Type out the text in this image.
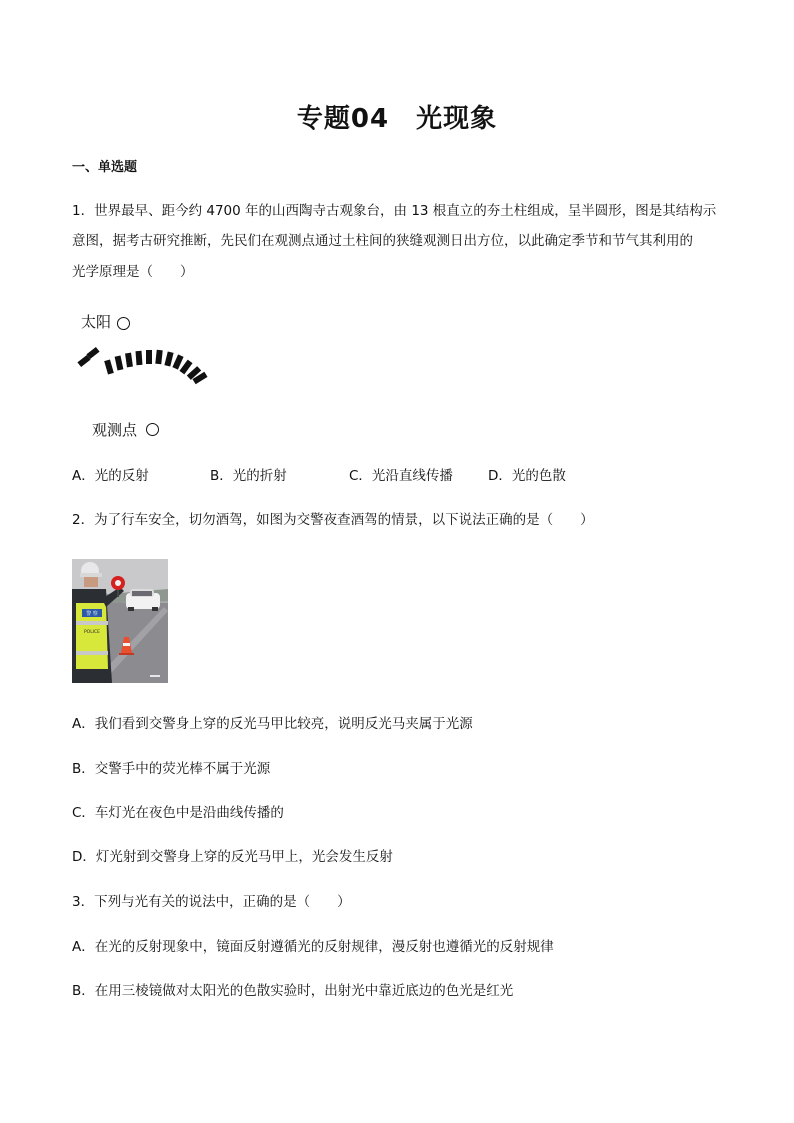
专题04　光现象
一、单选题
1．世界最早、距今约 4700 年的山西陶寺古观象台，由 13 根直立的夯土柱组成，呈半圆形，图是其结构示
意图，据考古研究推断，先民们在观测点通过土柱间的狭缝观测日出方位，以此确定季节和节气其利用的
光学原理是（　　）
太阳
观测点
A．光的反射	B．光的折射	C．光沿直线传播	D．光的色散
2．为了行车安全，切勿酒驾，如图为交警夜查酒驾的情景，以下说法正确的是（　　）
警 察
POLICE
A．我们看到交警身上穿的反光马甲比较亮，说明反光马夹属于光源
B．交警手中的荧光棒不属于光源
C．车灯光在夜色中是沿曲线传播的
D．灯光射到交警身上穿的反光马甲上，光会发生反射
3．下列与光有关的说法中，正确的是（　　）
A．在光的反射现象中，镜面反射遵循光的反射规律，漫反射也遵循光的反射规律
B．在用三棱镜做对太阳光的色散实验时，出射光中靠近底边的色光是红光
